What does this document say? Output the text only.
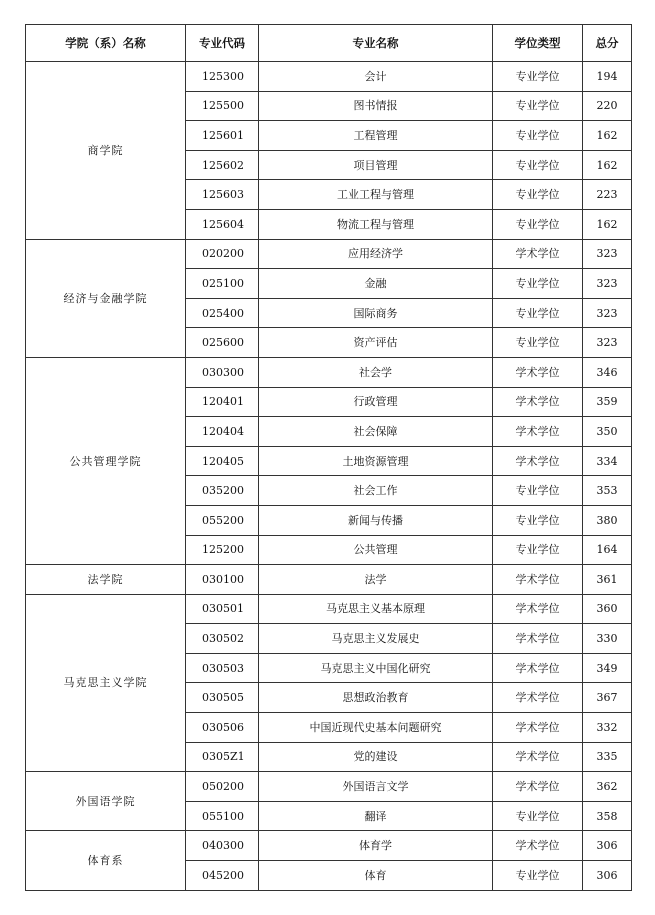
学院（系）名称	专业代码	专业名称	学位类型	总分
商学院	125300	会计	专业学位	194
	125500	图书情报	专业学位	220
	125601	工程管理	专业学位	162
	125602	项目管理	专业学位	162
	125603	工业工程与管理	专业学位	223
	125604	物流工程与管理	专业学位	162
经济与金融学院	020200	应用经济学	学术学位	323
	025100	金融	专业学位	323
	025400	国际商务	专业学位	323
	025600	资产评估	专业学位	323
公共管理学院	030300	社会学	学术学位	346
	120401	行政管理	学术学位	359
	120404	社会保障	学术学位	350
	120405	土地资源管理	学术学位	334
	035200	社会工作	专业学位	353
	055200	新闻与传播	专业学位	380
	125200	公共管理	专业学位	164
法学院	030100	法学	学术学位	361
马克思主义学院	030501	马克思主义基本原理	学术学位	360
	030502	马克思主义发展史	学术学位	330
	030503	马克思主义中国化研究	学术学位	349
	030505	思想政治教育	学术学位	367
	030506	中国近现代史基本问题研究	学术学位	332
	0305Z1	党的建设	学术学位	335
外国语学院	050200	外国语言文学	学术学位	362
	055100	翻译	专业学位	358
体育系	040300	体育学	学术学位	306
	045200	体育	专业学位	306
